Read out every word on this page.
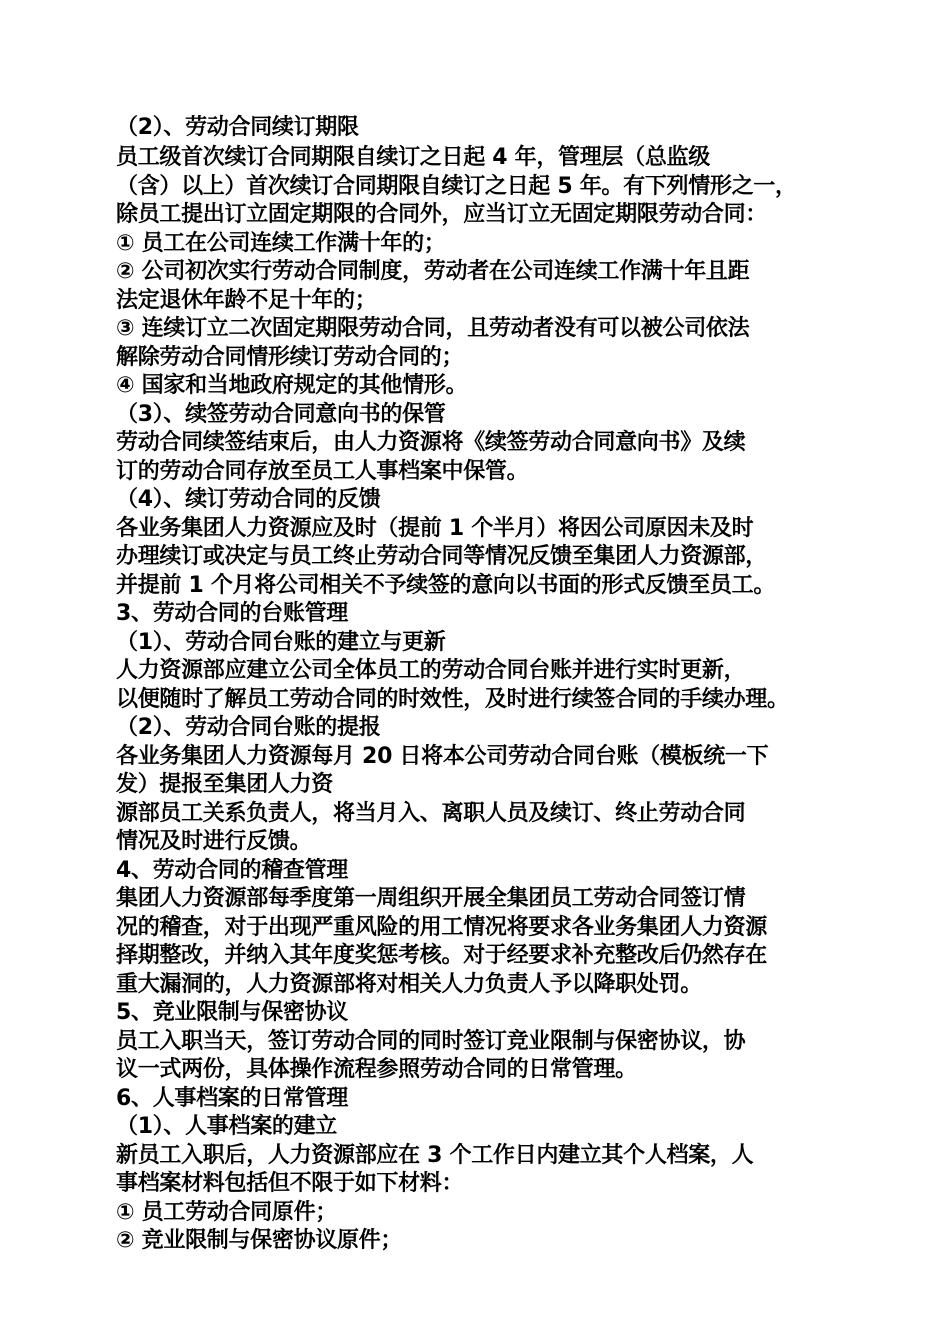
（2）、劳动合同续订期限
员工级首次续订合同期限自续订之日起 4 年，管理层（总监级
（含）以上）首次续订合同期限自续订之日起 5 年。有下列情形之一，
除员工提出订立固定期限的合同外，应当订立无固定期限劳动合同：
① 员工在公司连续工作满十年的；
② 公司初次实行劳动合同制度，劳动者在公司连续工作满十年且距
法定退休年龄不足十年的；
③ 连续订立二次固定期限劳动合同，且劳动者没有可以被公司依法
解除劳动合同情形续订劳动合同的；
④ 国家和当地政府规定的其他情形。
（3）、续签劳动合同意向书的保管
劳动合同续签结束后，由人力资源将《续签劳动合同意向书》及续
订的劳动合同存放至员工人事档案中保管。
（4）、续订劳动合同的反馈
各业务集团人力资源应及时（提前 1 个半月）将因公司原因未及时
办理续订或决定与员工终止劳动合同等情况反馈至集团人力资源部，
并提前 1 个月将公司相关不予续签的意向以书面的形式反馈至员工。
3、劳动合同的台账管理
（1）、劳动合同台账的建立与更新
人力资源部应建立公司全体员工的劳动合同台账并进行实时更新，
以便随时了解员工劳动合同的时效性，及时进行续签合同的手续办理。
（2）、劳动合同台账的提报
各业务集团人力资源每月 20 日将本公司劳动合同台账（模板统一下
发）提报至集团人力资
源部员工关系负责人，将当月入、离职人员及续订、终止劳动合同
情况及时进行反馈。
4、劳动合同的稽查管理
集团人力资源部每季度第一周组织开展全集团员工劳动合同签订情
况的稽查，对于出现严重风险的用工情况将要求各业务集团人力资源
择期整改，并纳入其年度奖惩考核。对于经要求补充整改后仍然存在
重大漏洞的，人力资源部将对相关人力负责人予以降职处罚。
5、竞业限制与保密协议
员工入职当天，签订劳动合同的同时签订竞业限制与保密协议，协
议一式两份，具体操作流程参照劳动合同的日常管理。
6、人事档案的日常管理
（1）、人事档案的建立
新员工入职后，人力资源部应在 3 个工作日内建立其个人档案，人
事档案材料包括但不限于如下材料：
① 员工劳动合同原件；
② 竞业限制与保密协议原件；
